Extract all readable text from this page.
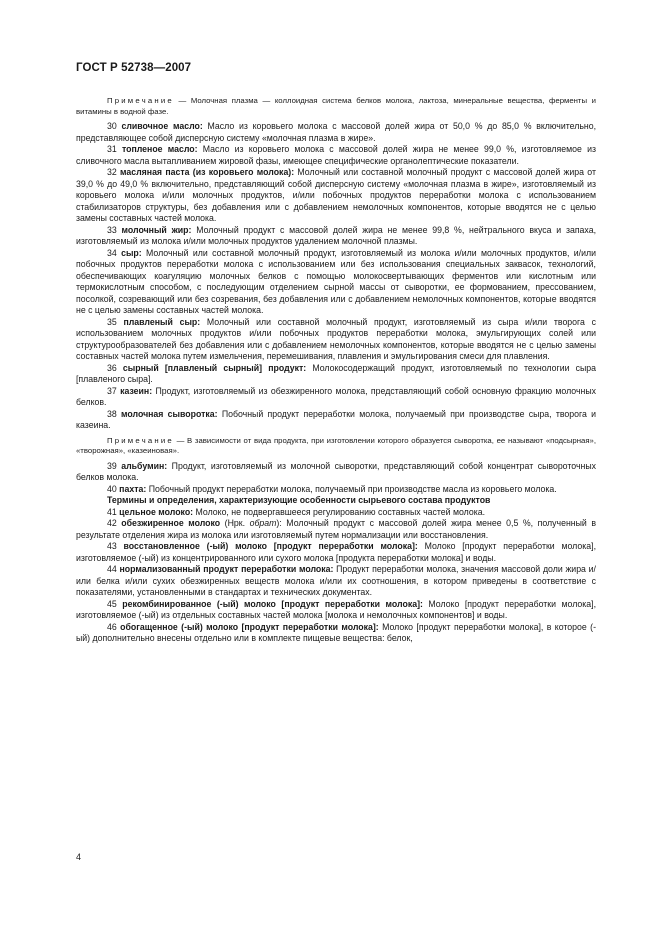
ГОСТ Р 52738—2007

Примечание — Молочная плазма — коллоидная система белков молока, лактоза, минеральные вещества, ферменты и витамины в водной фазе.

30 сливочное масло: Масло из коровьего молока с массовой долей жира от 50,0 % до 85,0 % включительно, представляющее собой дисперсную систему «молочная плазма в жире».

31 топленое масло: Масло из коровьего молока с массовой долей жира не менее 99,0 %, изготовляемое из сливочного масла вытапливанием жировой фазы, имеющее специфические органолептические показатели.

32 масляная паста (из коровьего молока): Молочный или составной молочный продукт с массовой долей жира от 39,0 % до 49,0 % включительно, представляющий собой дисперсную систему «молочная плазма в жире», изготовляемый из коровьего молока и/или молочных продуктов, и/или побочных продуктов переработки молока с использованием стабилизаторов структуры, без добавления или с добавлением немолочных компонентов, которые вводятся не с целью замены составных частей молока.

33 молочный жир: Молочный продукт с массовой долей жира не менее 99,8 %, нейтрального вкуса и запаха, изготовляемый из молока и/или молочных продуктов удалением молочной плазмы.

34 сыр: Молочный или составной молочный продукт, изготовляемый из молока и/или молочных продуктов, и/или побочных продуктов переработки молока с использованием или без использования специальных заквасок, технологий, обеспечивающих коагуляцию молочных белков с помощью молокосвертывающих ферментов или кислотным или термокислотным способом, с последующим отделением сырной массы от сыворотки, ее формованием, прессованием, посолкой, созревающий или без созревания, без добавления или с добавлением немолочных компонентов, которые вводятся не с целью замены составных частей молока.

35 плавленый сыр: Молочный или составной молочный продукт, изготовляемый из сыра и/или творога с использованием молочных продуктов и/или побочных продуктов переработки молока, эмульгирующих солей или структурообразователей без добавления или с добавлением немолочных компонентов, которые вводятся не с целью замены составных частей молока путем измельчения, перемешивания, плавления и эмульгирования смеси для плавления.

36 сырный [плавленый сырный] продукт: Молокосодержащий продукт, изготовляемый по технологии сыра [плавленого сыра].

37 казеин: Продукт, изготовляемый из обезжиренного молока, представляющий собой основную фракцию молочных белков.

38 молочная сыворотка: Побочный продукт переработки молока, получаемый при производстве сыра, творога и казеина.

Примечание — В зависимости от вида продукта, при изготовлении которого образуется сыворотка, ее называют «подсырная», «творожная», «казеиновая».

39 альбумин: Продукт, изготовляемый из молочной сыворотки, представляющий собой концентрат сывороточных белков молока.

40 пахта: Побочный продукт переработки молока, получаемый при производстве масла из коровьего молока.

Термины и определения, характеризующие особенности сырьевого состава продуктов

41 цельное молоко: Молоко, не подвергавшееся регулированию составных частей молока.

42 обезжиренное молоко (Нрк. обрат): Молочный продукт с массовой долей жира менее 0,5 %, полученный в результате отделения жира из молока или изготовляемый путем нормализации или восстановления.

43 восстановленное (-ый) молоко [продукт переработки молока]: Молоко [продукт переработки молока], изготовляемое (-ый) из концентрированного или сухого молока [продукта переработки молока] и воды.

44 нормализованный продукт переработки молока: Продукт переработки молока, значения массовой доли жира и/или белка и/или сухих обезжиренных веществ молока и/или их соотношения, в котором приведены в соответствие с показателями, установленными в стандартах и технических документах.

45 рекомбинированное (-ый) молоко [продукт переработки молока]: Молоко [продукт переработки молока], изготовляемое (-ый) из отдельных составных частей молока [молока и немолочных компонентов] и воды.

46 обогащенное (-ый) молоко [продукт переработки молока]: Молоко [продукт переработки молока], в которое (-ый) дополнительно внесены отдельно или в комплекте пищевые вещества: белок,

4
